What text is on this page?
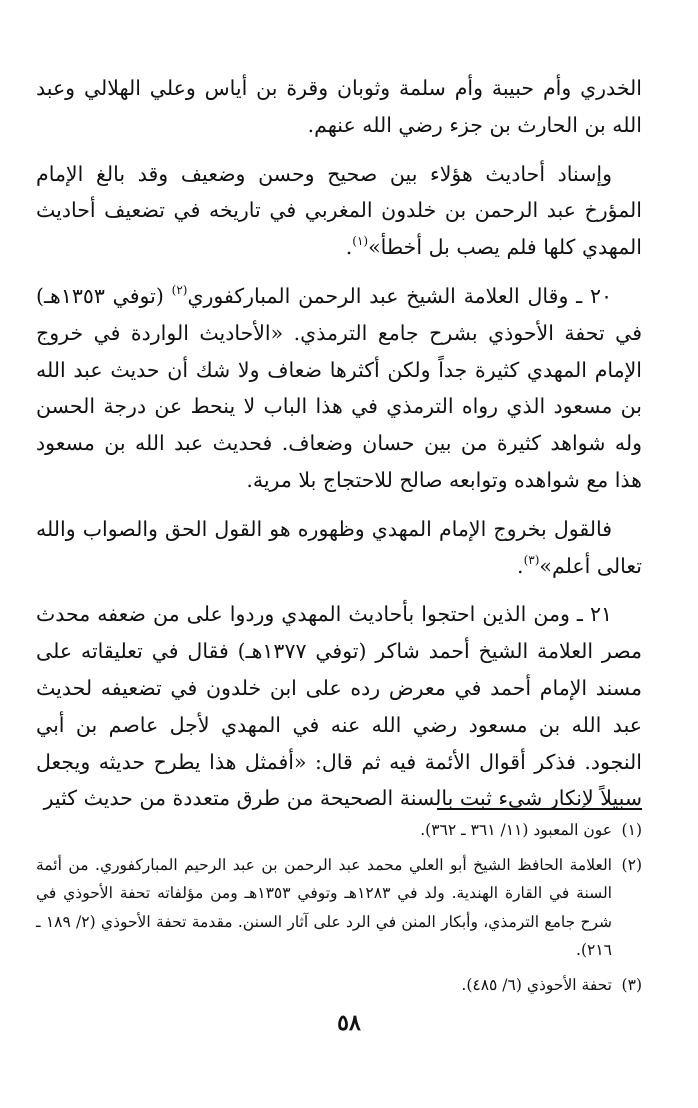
الخدري وأم حبيبة وأم سلمة وثوبان وقرة بن أياس وعلي الهلالي وعبد الله بن الحارث بن جزء رضي الله عنهم.

وإسناد أحاديث هؤلاء بين صحيح وحسن وضعيف وقد بالغ الإمام المؤرخ عبد الرحمن بن خلدون المغربي في تاريخه في تضعيف أحاديث المهدي كلها فلم يصب بل أخطأ»$^{(١)}$.

٢٠ ـ وقال العلامة الشيخ عبد الرحمن المباركفوري$^{(٢)}$ (توفي ١٣٥٣هـ) في تحفة الأحوذي بشرح جامع الترمذي. «الأحاديث الواردة في خروج الإمام المهدي كثيرة جداً ولكن أكثرها ضعاف ولا شك أن حديث عبد الله بن مسعود الذي رواه الترمذي في هذا الباب لا ينحط عن درجة الحسن وله شواهد كثيرة من بين حسان وضعاف. فحديث عبد الله بن مسعود هذا مع شواهده وتوابعه صالح للاحتجاج بلا مرية.

فالقول بخروج الإمام المهدي وظهوره هو القول الحق والصواب والله تعالى أعلم»$^{(٣)}$.

٢١ ـ ومن الذين احتجوا بأحاديث المهدي وردوا على من ضعفه محدث مصر العلامة الشيخ أحمد شاكر (توفي ١٣٧٧هـ) فقال في تعليقاته على مسند الإمام أحمد في معرض رده على ابن خلدون في تضعيفه لحديث عبد الله بن مسعود رضي الله عنه في المهدي لأجل عاصم بن أبي النجود. فذكر أقوال الأئمة فيه ثم قال: «أفمثل هذا يطرح حديثه ويجعل سبيلاً لإنكار شيء ثبت بالسنة الصحيحة من طرق متعددة من حديث كثير

(١)
عون المعبود (١١/ ٣٦١ ـ ٣٦٢).
(٢)
العلامة الحافظ الشيخ أبو العلي محمد عبد الرحمن بن عبد الرحيم المباركفوري. من أئمة السنة في القارة الهندية. ولد في ١٢٨٣هـ وتوفي ١٣٥٣هـ ومن مؤلفاته تحفة الأحوذي في شرح جامع الترمذي، وأبكار المنن في الرد على آثار السنن. مقدمة تحفة الأحوذي (٢/ ١٨٩ ـ ٢١٦).
(٣)
تحفة الأحوذي (٦/ ٤٨٥).
٥٨
